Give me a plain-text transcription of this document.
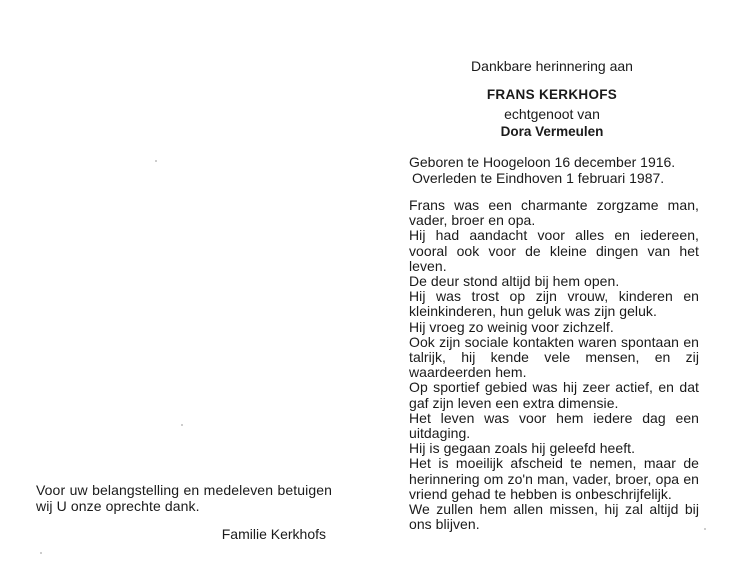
Voor uw belangstelling en medeleven betuigen wij U onze oprechte dank.
Familie Kerkhofs
Dankbare herinnering aan
FRANS KERKHOFS
echtgenoot van
Dora Vermeulen
Geboren te Hoogeloon 16 december 1916.
Overleden te Eindhoven 1 februari 1987.
Frans was een charmante zorgzame man, vader, broer en opa.
Hij had aandacht voor alles en iedereen, vooral ook voor de kleine dingen van het leven.
De deur stond altijd bij hem open.
Hij was trost op zijn vrouw, kinderen en kleinkinderen, hun geluk was zijn geluk.
Hij vroeg zo weinig voor zichzelf.
Ook zijn sociale kontakten waren spontaan en talrijk, hij kende vele mensen, en zij waardeerden hem.
Op sportief gebied was hij zeer actief, en dat gaf zijn leven een extra dimensie.
Het leven was voor hem iedere dag een uitdaging.
Hij is gegaan zoals hij geleefd heeft.
Het is moeilijk afscheid te nemen, maar de herinnering om zo'n man, vader, broer, opa en vriend gehad te hebben is onbeschrijfelijk.
We zullen hem allen missen, hij zal altijd bij ons blijven.
